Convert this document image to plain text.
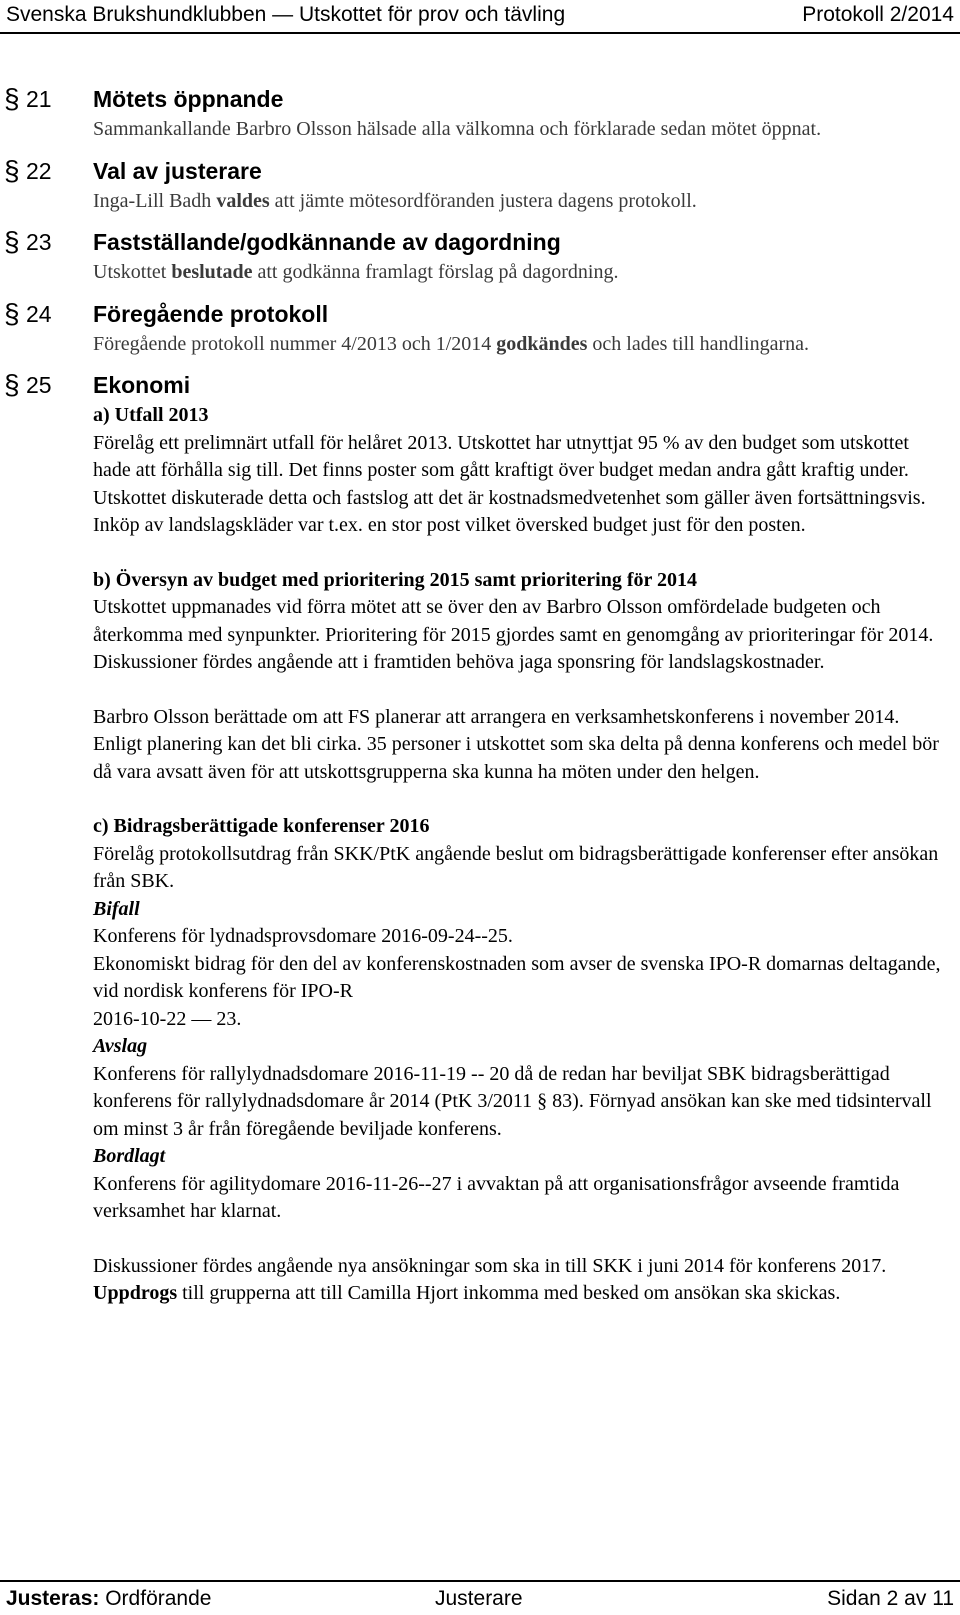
Svenska Brukshundklubben — Utskottet för prov och tävling	Protokoll 2/2014
§ 21 Mötets öppnande

Sammankallande Barbro Olsson hälsade alla välkomna och förklarade sedan mötet öppnat.

§ 22 Val av justerare

Inga-Lill Badh valdes att jämte mötesordföranden justera dagens protokoll.

§ 23 Fastställande/godkännande av dagordning

Utskottet beslutade att godkänna framlagt förslag på dagordning.

§ 24 Föregående protokoll

Föregående protokoll nummer 4/2013 och 1/2014 godkändes och lades till handlingarna.

§ 25 Ekonomi

a) Utfall 2013

Förelåg ett prelimnärt utfall för helåret 2013. Utskottet har utnyttjat 95 % av den budget som utskottet hade att förhålla sig till. Det finns poster som gått kraftigt över budget medan andra gått kraftig under. Utskottet diskuterade detta och fastslog att det är kostnadsmedvetenhet som gäller även fortsättningsvis. Inköp av landslagskläder var t.ex. en stor post vilket översked budget just för den posten.

b) Översyn av budget med prioritering 2015 samt prioritering för 2014

Utskottet uppmanades vid förra mötet att se över den av Barbro Olsson omfördelade budgeten och återkomma med synpunkter. Prioritering för 2015 gjordes samt en genomgång av prioriteringar för 2014.

Diskussioner fördes angående att i framtiden behöva jaga sponsring för landslagskostnader.

Barbro Olsson berättade om att FS planerar att arrangera en verksamhetskonferens i november 2014. Enligt planering kan det bli cirka. 35 personer i utskottet som ska delta på denna konferens och medel bör då vara avsatt även för att utskottsgrupperna ska kunna ha möten under den helgen.

c) Bidragsberättigade konferenser 2016

Förelåg protokollsutdrag från SKK/PtK angående beslut om bidragsberättigade konferenser efter ansökan från SBK.

Bifall

Konferens för lydnadsprovsdomare 2016-09-24--25.

Ekonomiskt bidrag för den del av konferenskostnaden som avser de svenska IPO-R domarnas deltagande, vid nordisk konferens för IPO-R

2016-10-22 — 23.

Avslag

Konferens för rallylydnadsdomare 2016-11-19 -- 20 då de redan har beviljat SBK bidragsberättigad konferens för rallylydnadsdomare år 2014 (PtK 3/2011 § 83). Förnyad ansökan kan ske med tidsintervall om minst 3 år från föregående beviljade konferens.

Bordlagt

Konferens för agilitydomare 2016-11-26--27 i avvaktan på att organisationsfrågor avseende framtida verksamhet har klarnat.

Diskussioner fördes angående nya ansökningar som ska in till SKK i juni 2014 för konferens 2017. Uppdrogs till grupperna att till Camilla Hjort inkomma med besked om ansökan ska skickas.

Justeras: Ordförande	Justerare	Sidan 2 av 11
